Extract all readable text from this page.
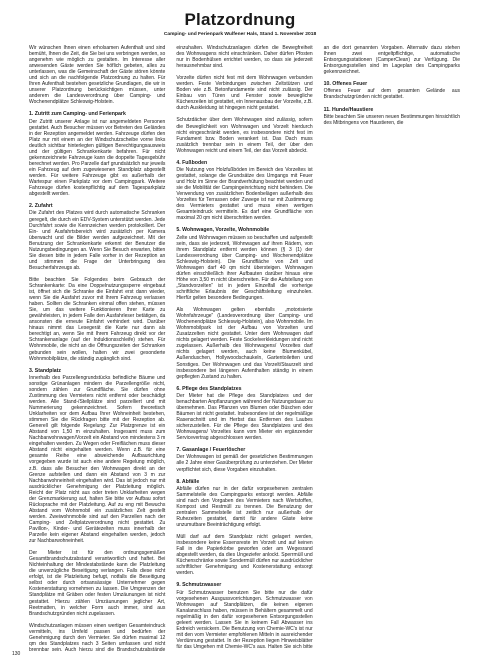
Platzordnung
Camping- und Ferienpark Wulfener Hals, Stand 1. November 2018

Wir wünschen Ihnen einen erholsamen Aufenthalt und sind bemüht, Ihnen die Zeit, die Sie bei uns verbringen werden, so angenehm wie möglich zu gestalten. Im Interesse aller anwesenden Gäste werden Sie höflich gebeten, alles zu unterlassen, was die Gemeinschaft der Gäste stören könnte und sich an die nachfolgende Platzordnung zu halten. Für Ihren Aufenthalt bestehen gesetzliche Grundlagen, die wir in unserer Platzordnung berücksichtigen müssen, unter anderem die Landesverordnung über Camping- und Wochenendplätze Schleswig-Holstein.

1. Zutritt zum Camping- und Ferienpark

Der Zutritt unserer Anlage ist nur angemeldeten Personen gestattet. Auch Besucher müssen vor Betreten des Geländes in der Rezeption angemeldet werden. Fahrzeuge dürfen den Platz nur mit einem an der Windschutzscheibe vorne links deutlich sichtbar hinterlegten gültigen Berechtigungsausweis und der gültigen Schrankenkarte befahren. Für nicht gekennzeichnete Fahrzeuge kann die doppelte Tagesgebühr berechnet werden. Pro Parzelle darf grundsätzlich nur jeweils ein Fahrzeug auf dem zugewiesenen Standplatz abgestellt werden. Für weitere Fahrzeuge gibt es außerhalb der Wartespur einen Parkplatz vor dem Campingpark. Weitere Fahrzeuge dürfen kostenpflichtig auf dem Tagesparkplatz abgestellt werden.

2. Zufahrt

Die Zufahrt des Platzes wird durch automatische Schranken geregelt, die durch ein EDV-System unterstützt werden. Jede Durchfahrt sowie die Kennzeichen werden protokolliert. Der Ein- und Ausfahrtsbereich wird zusätzlich per Kamera überwacht und die Bilder werden aufgezeichnet. Mit der Benutzung der Schrankenkarte erkennt der Benutzer die Nutzungsbedingungen an. Wenn Sie Besuch erwarten, bitten Sie diesen bitte in jedem Falle vorher in der Rezeption an und stimmen die Frage der Unterbringung des Besucherfahrzeugs ab.

Bitte beachten Sie Folgendes beim Gebrauch der Schrankenkarte: Da eine Doppelnutzungssperre eingebaut ist, öffnet sich die Schranke die Einfahrt erst dann wieder, wenn Sie die Ausfahrt zuvor mit Ihrem Fahrzeug verlassen haben. Sollten die Schranken einmal offen stehen, müssen Sie, um das weitere Funktionieren Ihrer Karte zu gewährleisten, in jedem Falle den Ausfahrleser betätigen, da ansonsten die erneute Einfahrt verhindert wird. Darüber hinaus nimmt das Lesegerät die Karte nur dann als berechtigt an, wenn Sie mit Ihrem Fahrzeug direkt vor der Schrankenanlage (auf der Induktionsschleife) stehen. Für Wohnmobile, die nicht an die Öffnungszeiten der Schranken gebunden sein wollen, halten wir zwei gesonderte Wohnmobilplätze, die ständig zugänglich sind.

3. Standplatz

Innerhalb des Parzellengrundstücks befindliche Bäume und sonstige Grünanlagen mindern die Parzellengröße nicht, sondern zählen zur Grundfläche. Sie dürfen ohne Zustimmung des Vermieters nicht entfernt oder beschädigt werden. Alle Stand-/Stellplätze sind parzelliert und mit Nummerierung gekennzeichnet. Sofern theoretisch Unklarheiten vor dem Aufbau Ihrer Wohneinheit bestehen, stimmen Sie die Rückfragen bitte mit der Rezeption ab. Generell gilt folgende Regelung: Zur Platzgrenze ist ein Abstand von 1,50 m einzuhalten. Insgesamt muss zum Nachbarwohnwagen/Vorzelt ein Abstand von mindestens 3 m eingehalten werden. Zu Wegen oder Freiflächen muss dieser Abstand nicht eingehalten werden. Wenn z.B. für eine gesamte Reihe eine abweichende Aufbaurichtung vorgegeben wurde ist auch eine andere Regelung möglich, z.B. dass alle Besucher den Wohnwagen direkt an der Grenze aufstellen und dann ein Abstand von 3 m zur Nachbarwohneinheit eingehalten wird. Das ist jedoch nur mit ausdrücklicher Genehmigung der Platzleitung möglich. Reicht der Platz nicht aus oder treten Unklarheiten wegen der Grenzmarkierung auf, halten Sie bitte vor Aufbau sofort Rücksprache mit der Platzleitung. Auf zu eng mit Bewuchs Abstand vom Wohnmobil ein zusätzliches Zelt gestellt werden. Zweiwohnmobile sind auf den Parzellen nach der Camping- und Zeltplatzverordnung nicht gestattet. Zu Pavillon-, Kinder- und Gerätezelten muss innerhalb der Parzelle kein eigener Abstand eingehalten werden, jedoch zur Nachbarwohneinheit.

Der Mieter ist für den ordnungsgemäßen Gesamtbrandschutzabstand verantwortlich und haftet. Bei Nichteinhaltung der Mindestabstände kann die Platzleitung die unverzügliche Beseitigung verlangen. Falls diese nicht erfolgt, ist die Platzleitung befugt, notfalls die Beseitigung selbst oder durch ortsansässige Unternehmer gegen Kostenerstattung vornehmen zu lassen. Die Umgrenzen der Standplätze mit Gräben oder festen Umzäunungen ist nicht gestattet. Hierzu zählen Umzäunungen jeglicher Art, Reetmatten, in welcher Form auch immer, sind aus Brandschutzgründen nicht zugelassen.

Windschutzanlagen müssen einen wertigen Gesamteindruck vermitteln, ins Umfeld passen und bedürfen der Genehmigung durch den Vermieter. Sie dürfen maximal 12 qm des Standplatzes nach 3 Seiten umfassen und nicht brennbar sein. Auch hierzu sind die Brandschutzabstände einzuhalten. Windschutzanlagen dürfen die Bewegfreiheit des Wohnwagens nicht einschränken. Daher dürfen Pfosten nur in Bodenhülsen errichtet werden, so dass sie jederzeit herausnehmbar sind.

Vorzelte dürfen nicht fest mit dem Wohnwagen verbunden werden. Feste Verbindungen zwischen Zeltstützen und Boden wie z.B. Betonfundamente sind nicht zulässig. Der Einbau von Türen und Fenster sowie bewegliche Küchenzeilen ist gestattet, ein Innenausbau der Vorzelte, z.B. durch Auskleidung ist hingegen nicht gestattet.

Schutzdächer über dem Wohnwagen sind zulässig, sofern die Beweglichkeit von Wohnwagen und Vorzelt hierdurch nicht eingeschränkt werden, es insbesondere nicht fest im Fundament bzw. Boden verankert ist. Das Dach muss zusätzlich trennbar sein in einem Teil, der über den Wohnwagen reicht und einem Teil, der das Vorzelt abdeckt.

4. Fußboden

Die Nutzung von Holzfußböden im Bereich des Vorzeltes ist gestattet, solange die Grundsätze des Umgangs mit Feuer und Holz im Sinne der Brandverhütung beachtet werden und sie die Mobilität der Campingeinrichtung nicht behindern. Die Verwendung von zusätzlichen Bodenbelägen außerhalb des Vorzeltes für Terrassen oder Zuwege ist nur mit Zustimmung des Vermieters gestattet und muss einen wertigen Gesamteindruck vermitteln. Es darf eine Grundfläche von maximal 20 qm nicht überschritten werden.

5. Wohnwagen, Vorzelte, Wohnmobile

Zelte und Wohnwagen müssen so beschaffen und aufgestellt sein, dass sie jederzeit, Wohnwagen auf ihren Rädern, von ihrem Standplatz entfernt werden können (§ 3 (1) der Landesverordnung über Camping- und Wochenendplätze Schleswig-Holstein). Die Grundfläche von Zelt und Wohnwagen darf 40 qm nicht übersteigen. Wohnwagen dürfen einschließlich ihrer Aufbauten darüber hinaus eine Höhe von 3,50 m nicht überschreiten. Für die Aufstellung von „Standvorzelten“ ist in jedem Einzelfall die vorherige schriftliche Erlaubnis der Geschäftsleitung einzuholen. Hierfür gelten besondere Bedingungen.

Als Wohnwagen gelten ebenfalls „motorisierte Wohnfahrzeuge“ (Landesverordnung über Camping- und Wochenendplätze Schleswig-Holstein), also Wohnmobile. Im Wohnmobilpark ist der Aufbau von Vorzelten und Zusatzzelten nicht gestattet. Unter dem Wohnwagen darf nichts gelagert werden. Feste Sockelverkleidungen sind nicht zugelassen. Außerhalb des Wohnwagens/ Vorzeltes darf nichts gelagert werden, auch keine Blumenkübel, Außenduschen, Hollywoodschaukeln, Gartentoiletten und Sonstiges. Der Wohnwagen und das Vorzelt/Staurzelt sind insbesondere bei längeren Aufenthalten ständig in einem gepflegten Zustand zu halten.

6. Pflege des Standplatzes

Der Mieter hat die Pflege des Standplatzes und der benachbarten Anpflanzungen während der Nutzungsdauer zu übernehmen. Das Pflanzen von Blumen oder Büschen oder Bäumen ist nicht gestattet. Insbesondere ist der regelmäßige Rasenschnitt und im Herbst das Entfernen des Laubes sicherzustellen. Für die Pflege des Standplatzes und des Wohnwagens/ Vorzeltes kann vom Mieter ein ergänzender Servicevertrag abgeschlossen werden.

7. Gasanlage / Feuerlöscher

Der Wohnwagen ist gemäß der gesetzlichen Bestimmungen alle 2 Jahre einer Gasüberprüfung zu unterziehen. Der Mieter verpflichtet sich, diese Vorgaben einzuhalten.

8. Abfälle

Abfälle dürfen nur in der dafür vorgesehenen zentralen Sammelstelle des Campingparks entsorgt werden. Abfälle sind nach den Vorgaben des Vermieters nach Wertstoffen, Kompost und Restmüll zu trennen. Die Benutzung der zentralen Sammelstelle ist zeitlich nur außerhalb der Ruhezeiten gestattet, damit für andere Gäste keine unzumutbare Beeinträchtigung erfolgt.

Müll darf auf dem Standplatz nicht gelagert werden, insbesondere keine Essensreste im Vorzelt und auf keinen Fall in die Papierkörbe geworfen oder am Wegesrand abgestellt werden, da dies Ungeziefer anlockt. Sperrmüll und Küchenschränke sowie Sondermüll dürfen nur ausdrücklicher schriftlicher Genehmigung und Kostenerstattung entsorgt werden.

9. Schmutzwasser

Für Schmutzwasser benutzen Sie bitte nur die dafür vorgesehenen Ausgussvorrichtungen. Schmutzwasser von Wohnwagen auf Standplätzen, die keinen eigenen Kanalanschluss haben, müssen in Behältern gesammelt und regelmäßig in den dafür vorgesehenen Entsorgungsstellen geleert werden. Lassen Sie in keinem Fall Abwasser ins Erdreich versickern. Die Benutzung von Chemie-WC's ist nur mit den vom Vermieter empfohlenen Mitteln in ausreichender Verdünnung gestattet. In der Rezeption liegen Hinweisblätter für das Umgehen mit Chemie-WC's aus. Halten Sie sich bitte an die dort genannten Vorgaben. Alternativ dazu stehen Ihnen zwei entgeltpflichtige, automatische Entsorgungsstationen (CamperClean) zur Verfügung. Die Entsorgungsstellen sind im Lageplan des Campingparks gekennzeichnet.

10. Offenes Feuer

Offenes Feuer auf dem gesamten Gelände aus Brandschutzgründen nicht gestattet.

11. Hunde/Haustiere

Bitte beachten Sie unseren neuen Bestimmungen hinsichtlich des Mitbringens von Haustieren, die

130
